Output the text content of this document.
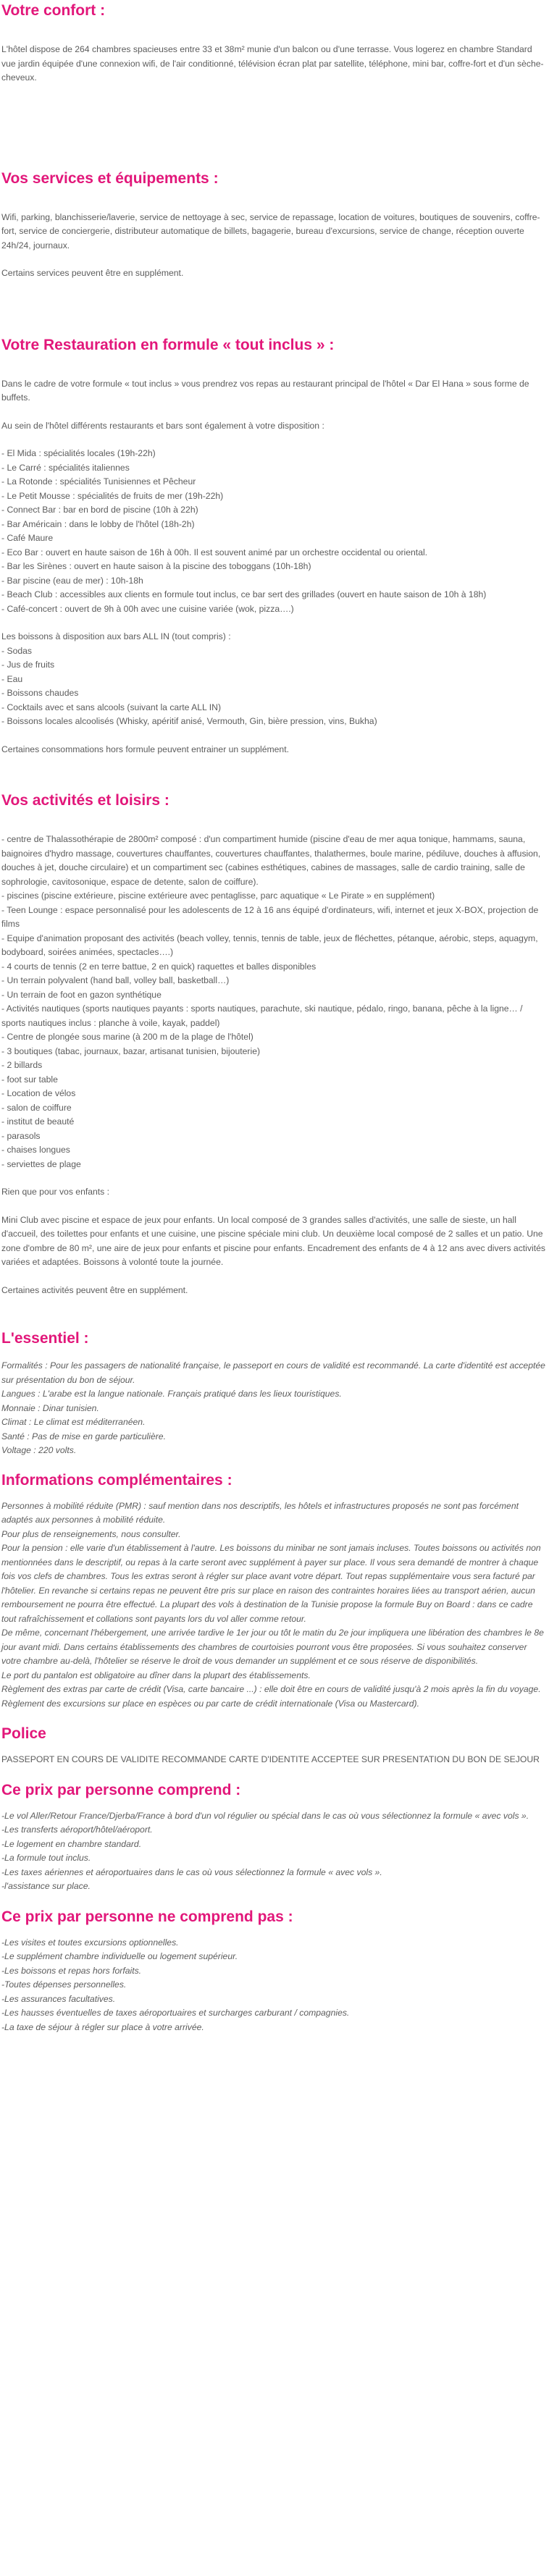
Votre confort :

L'hôtel dispose de 264 chambres spacieuses entre 33 et 38m² munie d'un balcon ou d'une terrasse. Vous logerez en chambre Standard vue jardin équipée d'une connexion wifi, de l'air conditionné, télévision écran plat par satellite, téléphone, mini bar, coffre-fort et d'un sèche-cheveux.

Vos services et équipements :

Wifi, parking, blanchisserie/laverie, service de nettoyage à sec, service de repassage, location de voitures, boutiques de souvenirs, coffre-fort, service de conciergerie, distributeur automatique de billets, bagagerie, bureau d'excursions, service de change, réception ouverte 24h/24, journaux.

Certains services peuvent être en supplément.

Votre Restauration en formule « tout inclus » :

Dans le cadre de votre formule « tout inclus » vous prendrez vos repas au restaurant principal de l'hôtel « Dar El Hana » sous forme de buffets.

Au sein de l'hôtel différents restaurants et bars sont également à votre disposition :

- El Mida : spécialités locales (19h-22h)
- Le Carré : spécialités italiennes
- La Rotonde : spécialités Tunisiennes et Pêcheur
- Le Petit Mousse : spécialités de fruits de mer (19h-22h)
- Connect Bar : bar en bord de piscine (10h à 22h)
- Bar Américain : dans le lobby de l'hôtel (18h-2h)
- Café Maure
- Eco Bar : ouvert en haute saison de 16h à 00h. Il est souvent animé par un orchestre occidental ou oriental.
- Bar les Sirènes : ouvert en haute saison à la piscine des toboggans (10h-18h)
- Bar piscine (eau de mer) : 10h-18h
- Beach Club : accessibles aux clients en formule tout inclus, ce bar sert des grillades (ouvert en haute saison de 10h à 18h)
- Café-concert : ouvert de 9h à 00h avec une cuisine variée (wok, pizza….)

Les boissons à disposition aux bars ALL IN (tout compris) :

- Sodas
- Jus de fruits
- Eau
- Boissons chaudes
- Cocktails avec et sans alcools (suivant la carte ALL IN)
- Boissons locales alcoolisés (Whisky, apéritif anisé, Vermouth, Gin, bière pression, vins, Bukha)

Certaines consommations hors formule peuvent entrainer un supplément.

Vos activités et loisirs :
- centre de Thalassothérapie de 2800m² composé : d'un compartiment humide (piscine d'eau de mer aqua tonique, hammams, sauna, baignoires d'hydro massage, couvertures chauffantes, couvertures chauffantes, thalathermes, boule marine, pédiluve, douches à affusion, douches à jet, douche circulaire) et un compartiment sec (cabines esthétiques, cabines de massages, salle de cardio training, salle de sophrologie, cavitosonique, espace de detente, salon de coiffure).
- piscines (piscine extérieure, piscine extérieure avec pentaglisse, parc aquatique « Le Pirate » en supplément)
- Teen Lounge : espace personnalisé pour les adolescents de 12 à 16 ans équipé d'ordinateurs, wifi, internet et jeux X-BOX, projection de films
- Equipe d'animation proposant des activités (beach volley, tennis, tennis de table, jeux de fléchettes, pétanque, aérobic, steps, aquagym, bodyboard, soirées animées, spectacles….)
- 4 courts de tennis (2 en terre battue, 2 en quick) raquettes et balles disponibles
- Un terrain polyvalent (hand ball, volley ball, basketball…)
- Un terrain de foot en gazon synthétique
- Activités nautiques (sports nautiques payants : sports nautiques, parachute, ski nautique, pédalo, ringo, banana, pêche à la ligne… / sports nautiques inclus : planche à voile, kayak, paddel)
- Centre de plongée sous marine (à 200 m de la plage de l'hôtel)
- 3 boutiques (tabac, journaux, bazar, artisanat tunisien, bijouterie)
- 2 billards
- foot sur table
- Location de vélos
- salon de coiffure
- institut de beauté
- parasols
- chaises longues
- serviettes de plage

Rien que pour vos enfants :

Mini Club avec piscine et espace de jeux pour enfants. Un local composé de 3 grandes salles d'activités, une salle de sieste, un hall d'accueil, des toilettes pour enfants et une cuisine, une piscine spéciale mini club. Un deuxième local composé de 2 salles et un patio. Une zone d'ombre de 80 m², une aire de jeux pour enfants et piscine pour enfants. Encadrement des enfants de 4 à 12 ans avec divers activités variées et adaptées. Boissons à volonté toute la journée.

Certaines activités peuvent être en supplément.

L'essentiel :

Formalités : Pour les passagers de nationalité française, le passeport en cours de validité est recommandé. La carte d'identité est acceptée sur présentation du bon de séjour.

Langues : L'arabe est la langue nationale. Français pratiqué dans les lieux touristiques.

Monnaie : Dinar tunisien.

Climat : Le climat est méditerranéen.

Santé : Pas de mise en garde particulière.

Voltage : 220 volts.

Informations complémentaires :

Personnes à mobilité réduite (PMR) : sauf mention dans nos descriptifs, les hôtels et infrastructures proposés ne sont pas forcément adaptés aux personnes à mobilité réduite.

Pour plus de renseignements, nous consulter.

Pour la pension : elle varie d'un établissement à l'autre. Les boissons du minibar ne sont jamais incluses. Toutes boissons ou activités non mentionnées dans le descriptif, ou repas à la carte seront avec supplément à payer sur place. Il vous sera demandé de montrer à chaque fois vos clefs de chambres. Tous les extras seront à régler sur place avant votre départ. Tout repas supplémentaire vous sera facturé par l'hôtelier. En revanche si certains repas ne peuvent être pris sur place en raison des contraintes horaires liées au transport aérien, aucun remboursement ne pourra être effectué. La plupart des vols à destination de la Tunisie propose la formule Buy on Board : dans ce cadre tout rafraîchissement et collations sont payants lors du vol aller comme retour.

De même, concernant l'hébergement, une arrivée tardive le 1er jour ou tôt le matin du 2e jour impliquera une libération des chambres le 8e jour avant midi. Dans certains établissements des chambres de courtoisies pourront vous être proposées. Si vous souhaitez conserver votre chambre au-delà, l'hôtelier se réserve le droit de vous demander un supplément et ce sous réserve de disponibilités.

Le port du pantalon est obligatoire au dîner dans la plupart des établissements.

Règlement des extras par carte de crédit (Visa, carte bancaire ...) : elle doit être en cours de validité jusqu'à 2 mois après la fin du voyage.

Règlement des excursions sur place en espèces ou par carte de crédit internationale (Visa ou Mastercard).

Police

PASSEPORT EN COURS DE VALIDITE RECOMMANDE CARTE D'IDENTITE ACCEPTEE SUR PRESENTATION DU BON DE SEJOUR

Ce prix par personne comprend :

-Le vol Aller/Retour France/Djerba/France à bord d'un vol régulier ou spécial dans le cas où vous sélectionnez la formule « avec vols ».

-Les transferts aéroport/hôtel/aéroport.

-Le logement en chambre standard.

-La formule tout inclus.

-Les taxes aériennes et aéroportuaires dans le cas où vous sélectionnez la formule « avec vols ».

-l'assistance sur place.

Ce prix par personne ne comprend pas :

-Les visites et toutes excursions optionnelles.

-Le supplément chambre individuelle ou logement supérieur.

-Les boissons et repas hors forfaits.

-Toutes dépenses personnelles.

-Les assurances facultatives.

-Les hausses éventuelles de taxes aéroportuaires et surcharges carburant / compagnies.

-La taxe de séjour à régler sur place à votre arrivée.
